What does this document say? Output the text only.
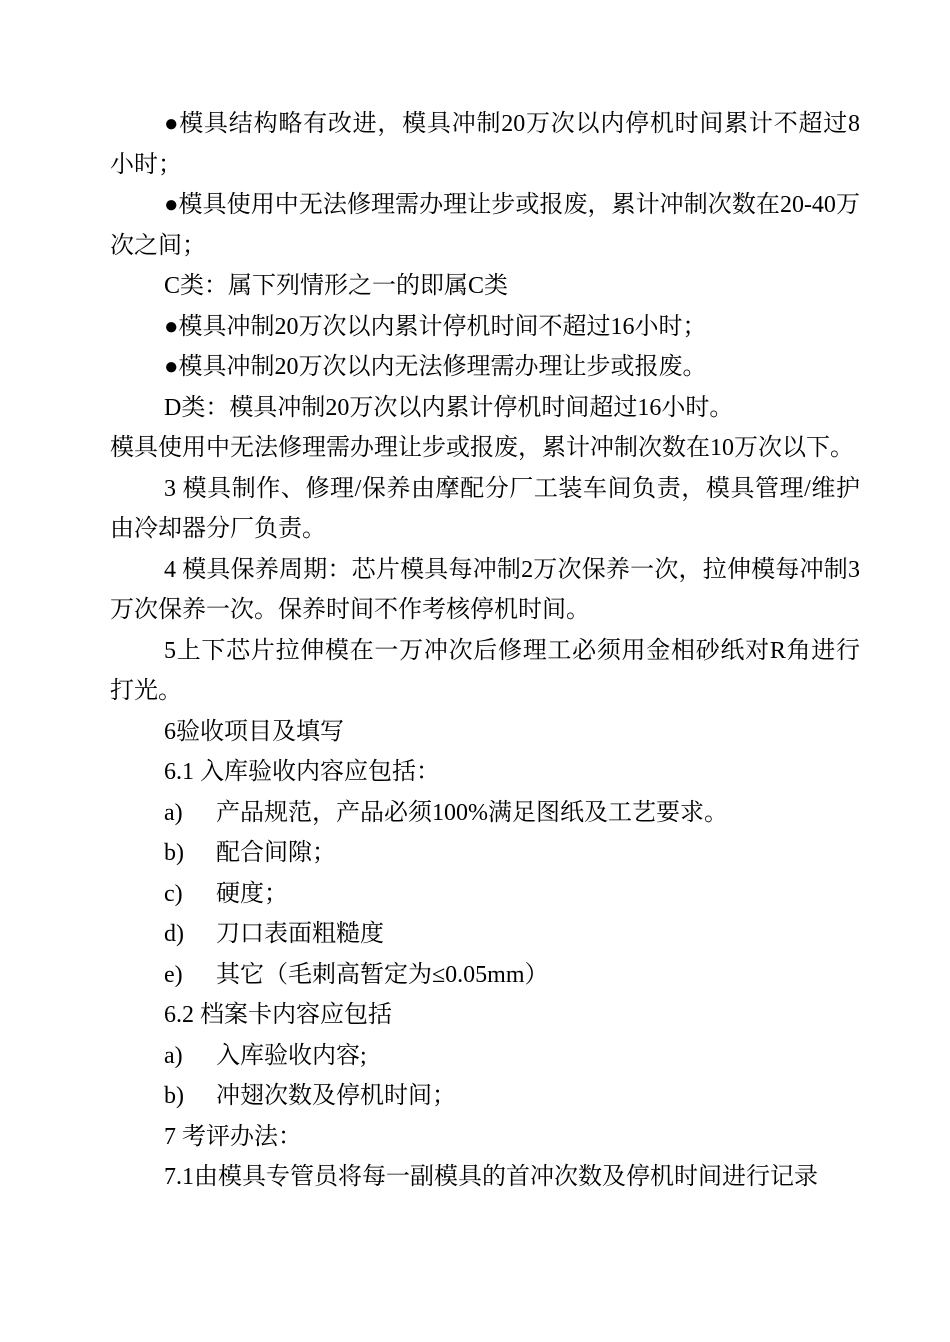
●模具结构略有改进，模具冲制20万次以内停机时间累计不超过8小时；

●模具使用中无法修理需办理让步或报废，累计冲制次数在20-40万次之间；

C类：属下列情形之一的即属C类

●模具冲制20万次以内累计停机时间不超过16小时；

●模具冲制20万次以内无法修理需办理让步或报废。

D类：模具冲制20万次以内累计停机时间超过16小时。

模具使用中无法修理需办理让步或报废，累计冲制次数在10万次以下。

3 模具制作、修理/保养由摩配分厂工装车间负责，模具管理/维护由冷却器分厂负责。

4 模具保养周期：芯片模具每冲制2万次保养一次，拉伸模每冲制3万次保养一次。保养时间不作考核停机时间。

5上下芯片拉伸模在一万冲次后修理工必须用金相砂纸对R角进行打光。

6验收项目及填写

6.1 入库验收内容应包括：

a) 产品规范，产品必须100%满足图纸及工艺要求。

b) 配合间隙；

c) 硬度；

d) 刀口表面粗糙度

e) 其它（毛刺高暂定为≤0.05mm）

6.2 档案卡内容应包括

a) 入库验收内容;

b) 冲翅次数及停机时间；

7 考评办法：

7.1由模具专管员将每一副模具的首冲次数及停机时间进行记录
